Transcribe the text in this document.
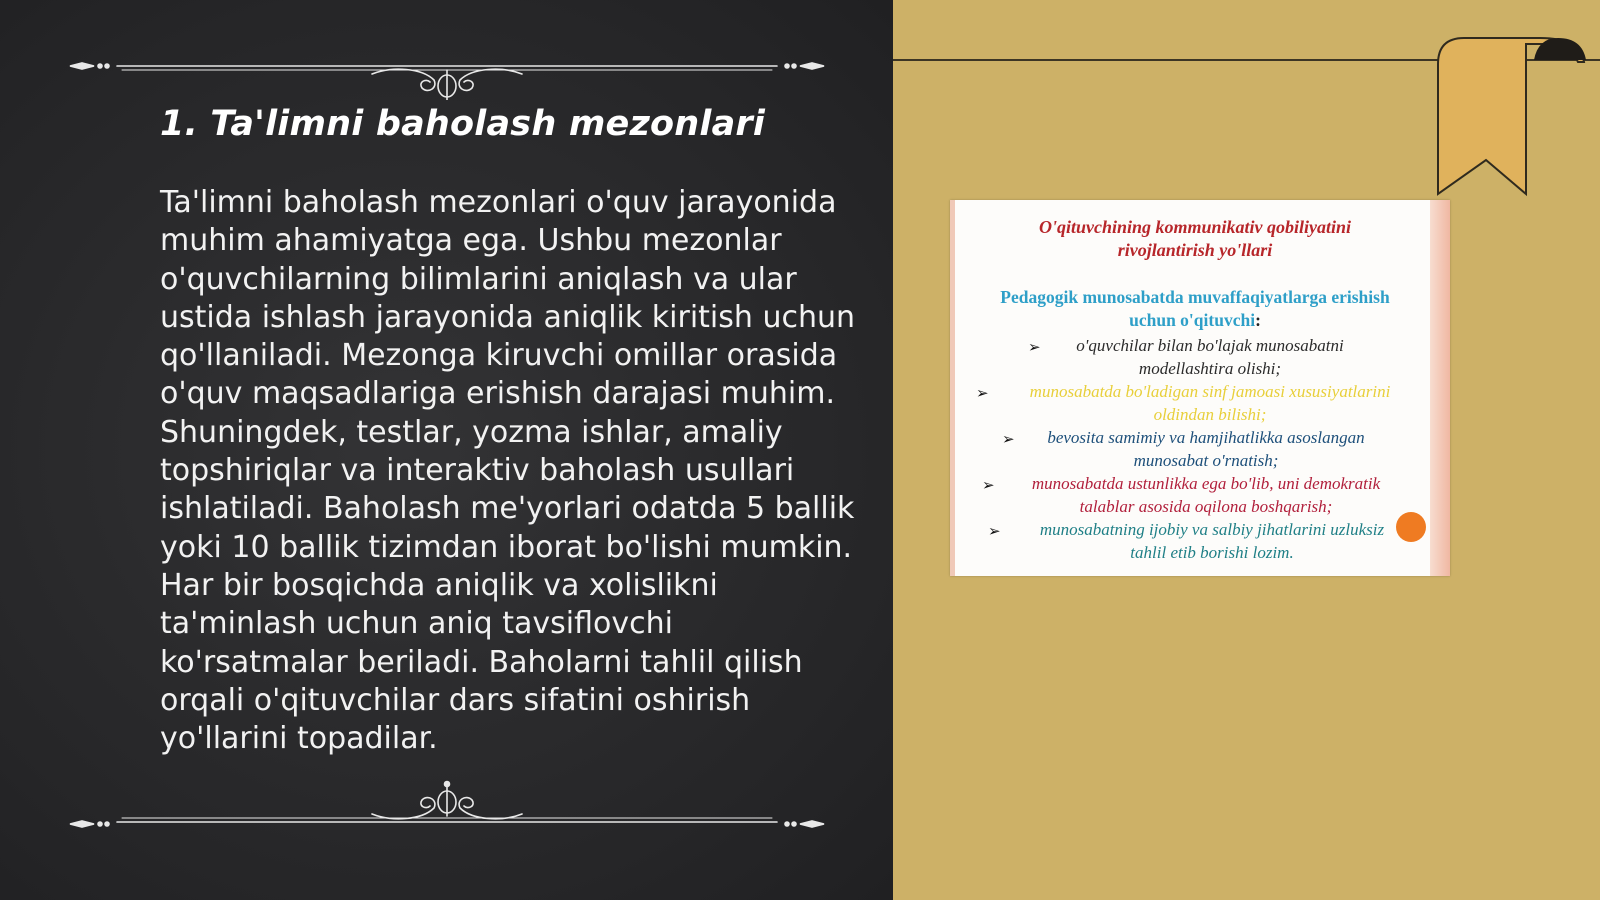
1. Ta'limni baholash mezonlari

Ta'limni baholash mezonlari o'quv jarayonida muhim ahamiyatga ega. Ushbu mezonlar o'quvchilarning bilimlarini aniqlash va ular ustida ishlash jarayonida aniqlik kiritish uchun qo'llaniladi. Mezonga kiruvchi omillar orasida o'quv maqsadlariga erishish darajasi muhim. Shuningdek, testlar, yozma ishlar, amaliy topshiriqlar va interaktiv baholash usullari ishlatiladi. Baholash me'yorlari odatda 5 ballik yoki 10 ballik tizimdan iborat bo'lishi mumkin. Har bir bosqichda aniqlik va xolislikni ta'minlash uchun aniq tavsiflovchi ko'rsatmalar beriladi. Baholarni tahlil qilish orqali o'qituvchilar dars sifatini oshirish yo'llarini topadilar.

O'qituvchining kommunikativ qobiliyatini
rivojlantirish yo'llari
Pedagogik munosabatda muvaffaqiyatlarga erishish
uchun o'qituvchi:
➢	o'quvchilar bilan bo'lajak munosabatni
modellashtira olishi;
➢	munosabatda bo'ladigan sinf jamoasi xususiyatlarini
oldindan bilishi;
➢	bevosita samimiy va hamjihatlikka asoslangan
munosabat o'rnatish;
➢	munosabatda ustunlikka ega bo'lib, uni demokratik
talablar asosida oqilona boshqarish;
➢	munosabatning ijobiy va salbiy jihatlarini uzluksiz
tahlil etib borishi lozim.
